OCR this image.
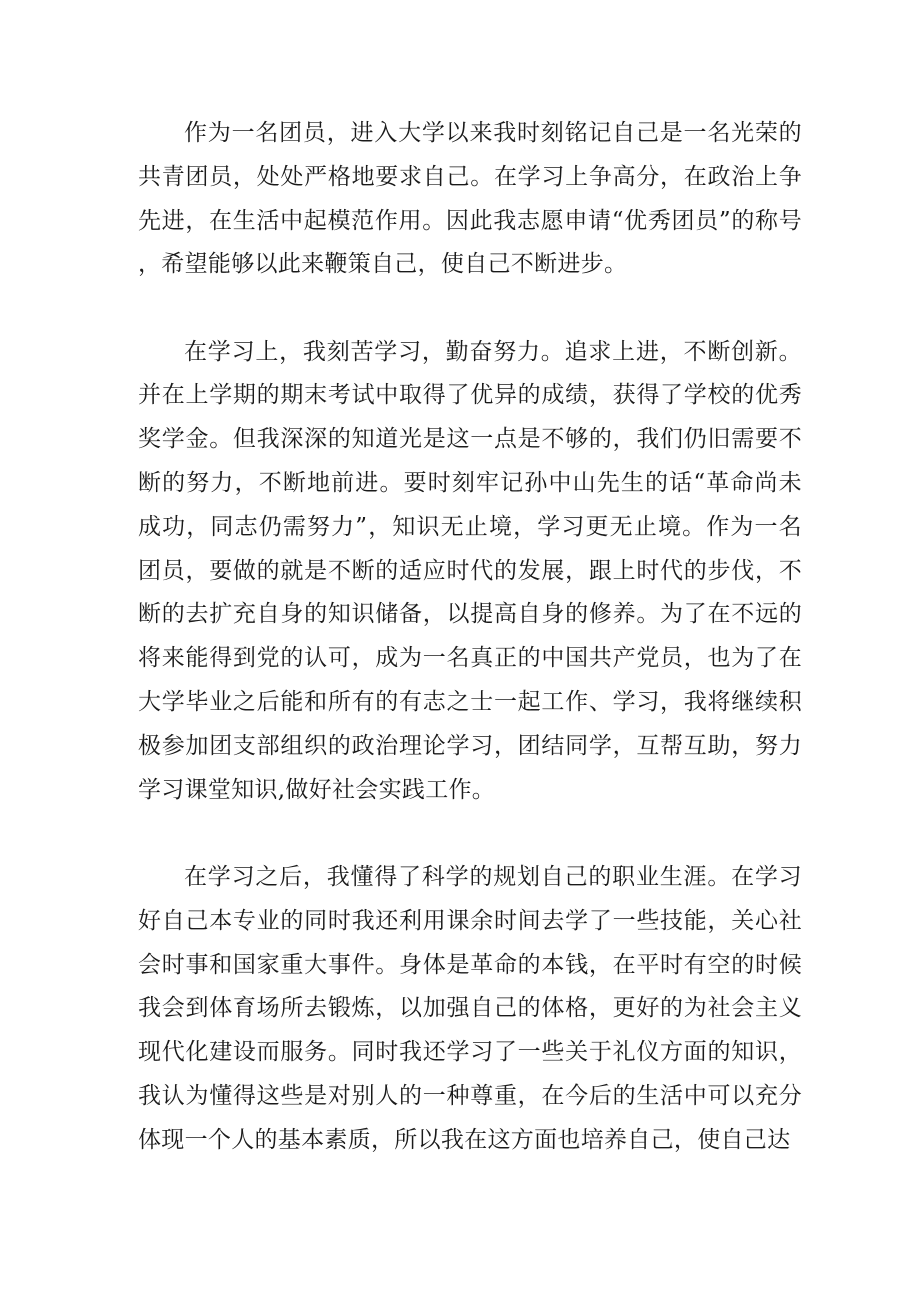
作为一名团员，进入大学以来我时刻铭记自己是一名光荣的共青团员，处处严格地要求自己。在学习上争高分，在政治上争先进，在生活中起模范作用。因此我志愿申请“优秀团员”的称号，希望能够以此来鞭策自己，使自己不断进步。

在学习上，我刻苦学习，勤奋努力。追求上进，不断创新。并在上学期的期末考试中取得了优异的成绩，获得了学校的优秀奖学金。但我深深的知道光是这一点是不够的，我们仍旧需要不断的努力，不断地前进。要时刻牢记孙中山先生的话“革命尚未成功，同志仍需努力”，知识无止境，学习更无止境。作为一名团员，要做的就是不断的适应时代的发展，跟上时代的步伐，不断的去扩充自身的知识储备，以提高自身的修养。为了在不远的将来能得到党的认可，成为一名真正的中国共产党员，也为了在大学毕业之后能和所有的有志之士一起工作、学习，我将继续积极参加团支部组织的政治理论学习，团结同学，互帮互助，努力学习课堂知识,做好社会实践工作。

在学习之后，我懂得了科学的规划自己的职业生涯。在学习好自己本专业的同时我还利用课余时间去学了一些技能，关心社会时事和国家重大事件。身体是革命的本钱，在平时有空的时候我会到体育场所去锻炼，以加强自己的体格，更好的为社会主义现代化建设而服务。同时我还学习了一些关于礼仪方面的知识，我认为懂得这些是对别人的一种尊重，在今后的生活中可以充分体现一个人的基本素质，所以我在这方面也培养自己，使自己达
